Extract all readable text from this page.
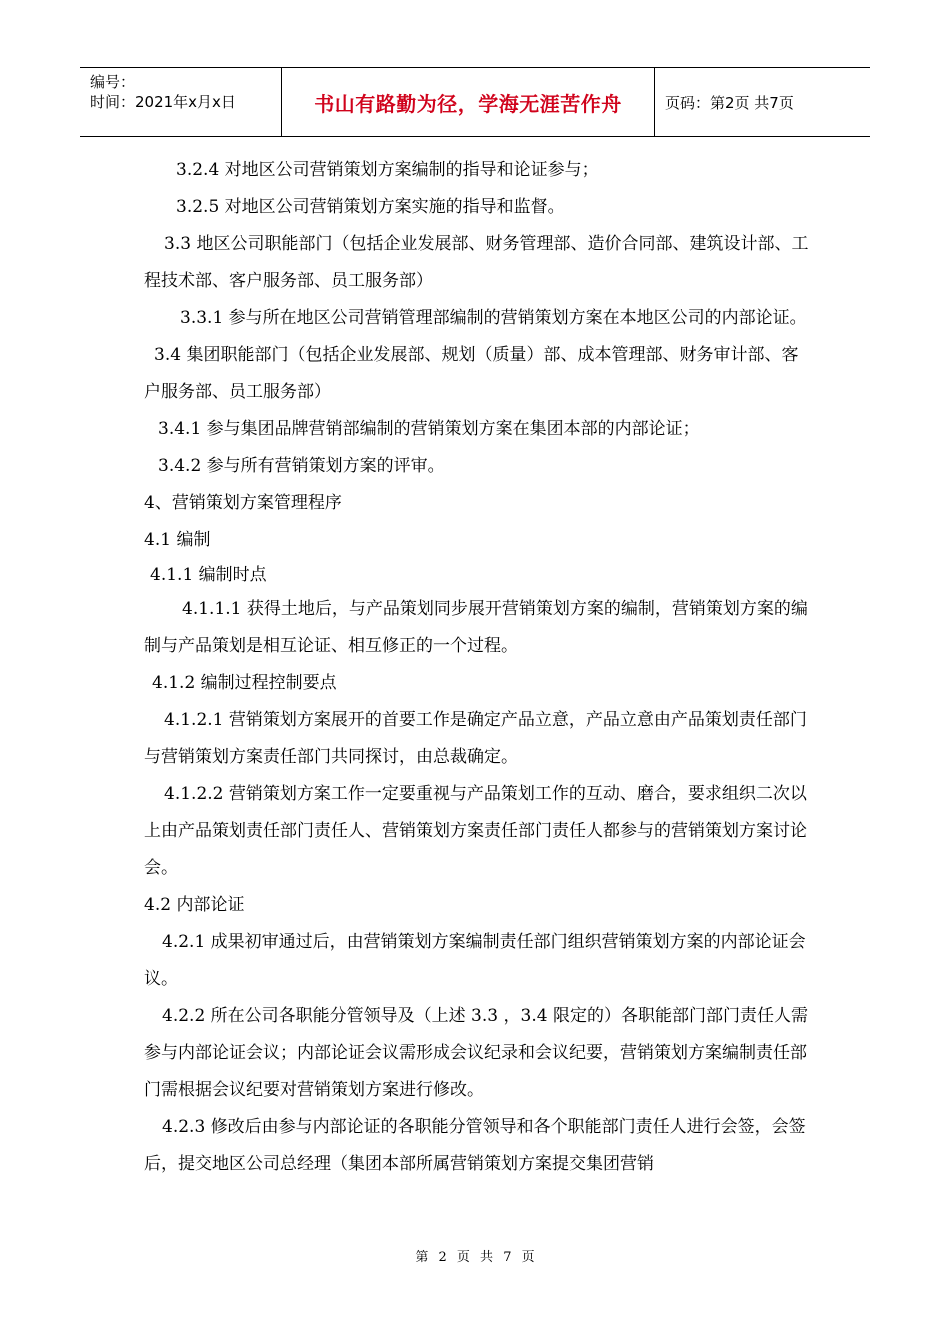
编号：
时间：2021年x月x日	书山有路勤为径，学海无涯苦作舟	页码：第2页 共7页

3.2.4 对地区公司营销策划方案编制的指导和论证参与；

3.2.5 对地区公司营销策划方案实施的指导和监督。

3.3 地区公司职能部门（包括企业发展部、财务管理部、造价合同部、建筑设计部、工程技术部、客户服务部、员工服务部）

3.3.1 参与所在地区公司营销管理部编制的营销策划方案在本地区公司的内部论证。

3.4 集团职能部门（包括企业发展部、规划（质量）部、成本管理部、财务审计部、客户服务部、员工服务部）

3.4.1 参与集团品牌营销部编制的营销策划方案在集团本部的内部论证；

3.4.2 参与所有营销策划方案的评审。

4、营销策划方案管理程序

4.1 编制

4.1.1 编制时点

4.1.1.1 获得土地后，与产品策划同步展开营销策划方案的编制，营销策划方案的编制与产品策划是相互论证、相互修正的一个过程。

4.1.2 编制过程控制要点

4.1.2.1 营销策划方案展开的首要工作是确定产品立意，产品立意由产品策划责任部门与营销策划方案责任部门共同探讨，由总裁确定。

4.1.2.2 营销策划方案工作一定要重视与产品策划工作的互动、磨合，要求组织二次以上由产品策划责任部门责任人、营销策划方案责任部门责任人都参与的营销策划方案讨论会。

4.2 内部论证

4.2.1 成果初审通过后，由营销策划方案编制责任部门组织营销策划方案的内部论证会议。

4.2.2 所在公司各职能分管领导及（上述 3.3 ，3.4 限定的）各职能部门部门责任人需参与内部论证会议；内部论证会议需形成会议纪录和会议纪要，营销策划方案编制责任部门需根据会议纪要对营销策划方案进行修改。

4.2.3 修改后由参与内部论证的各职能分管领导和各个职能部门责任人进行会签，会签后，提交地区公司总经理（集团本部所属营销策划方案提交集团营销

第 2 页 共 7 页
